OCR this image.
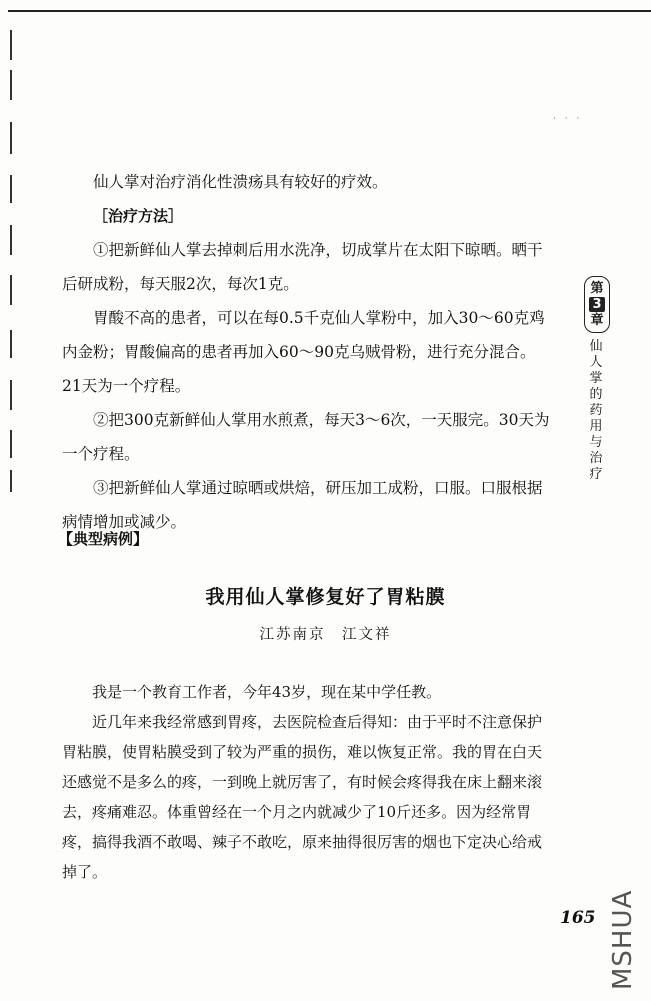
· · ·

仙人掌对治疗消化性溃疡具有较好的疗效。

［治疗方法］

①把新鲜仙人掌去掉刺后用水洗净，切成掌片在太阳下晾晒。晒干后研成粉，每天服2次，每次1克。

胃酸不高的患者，可以在每0.5千克仙人掌粉中，加入30～60克鸡内金粉；胃酸偏高的患者再加入60～90克乌贼骨粉，进行充分混合。21天为一个疗程。

②把300克新鲜仙人掌用水煎煮，每天3～6次，一天服完。30天为一个疗程。

③把新鲜仙人掌通过晾晒或烘焙，研压加工成粉，口服。口服根据病情增加或减少。

【典型病例】
我用仙人掌修复好了胃粘膜
江苏南京　江文祥

我是一个教育工作者，今年43岁，现在某中学任教。

近几年来我经常感到胃疼，去医院检查后得知：由于平时不注意保护胃粘膜，使胃粘膜受到了较为严重的损伤，难以恢复正常。我的胃在白天还感觉不是多么的疼，一到晚上就厉害了，有时候会疼得我在床上翻来滚去，疼痛难忍。体重曾经在一个月之内就减少了10斤还多。因为经常胃疼，搞得我酒不敢喝、辣子不敢吃，原来抽得很厉害的烟也下定决心给戒掉了。

第
3
章
仙人掌的药用与治疗
165 MSHUA
